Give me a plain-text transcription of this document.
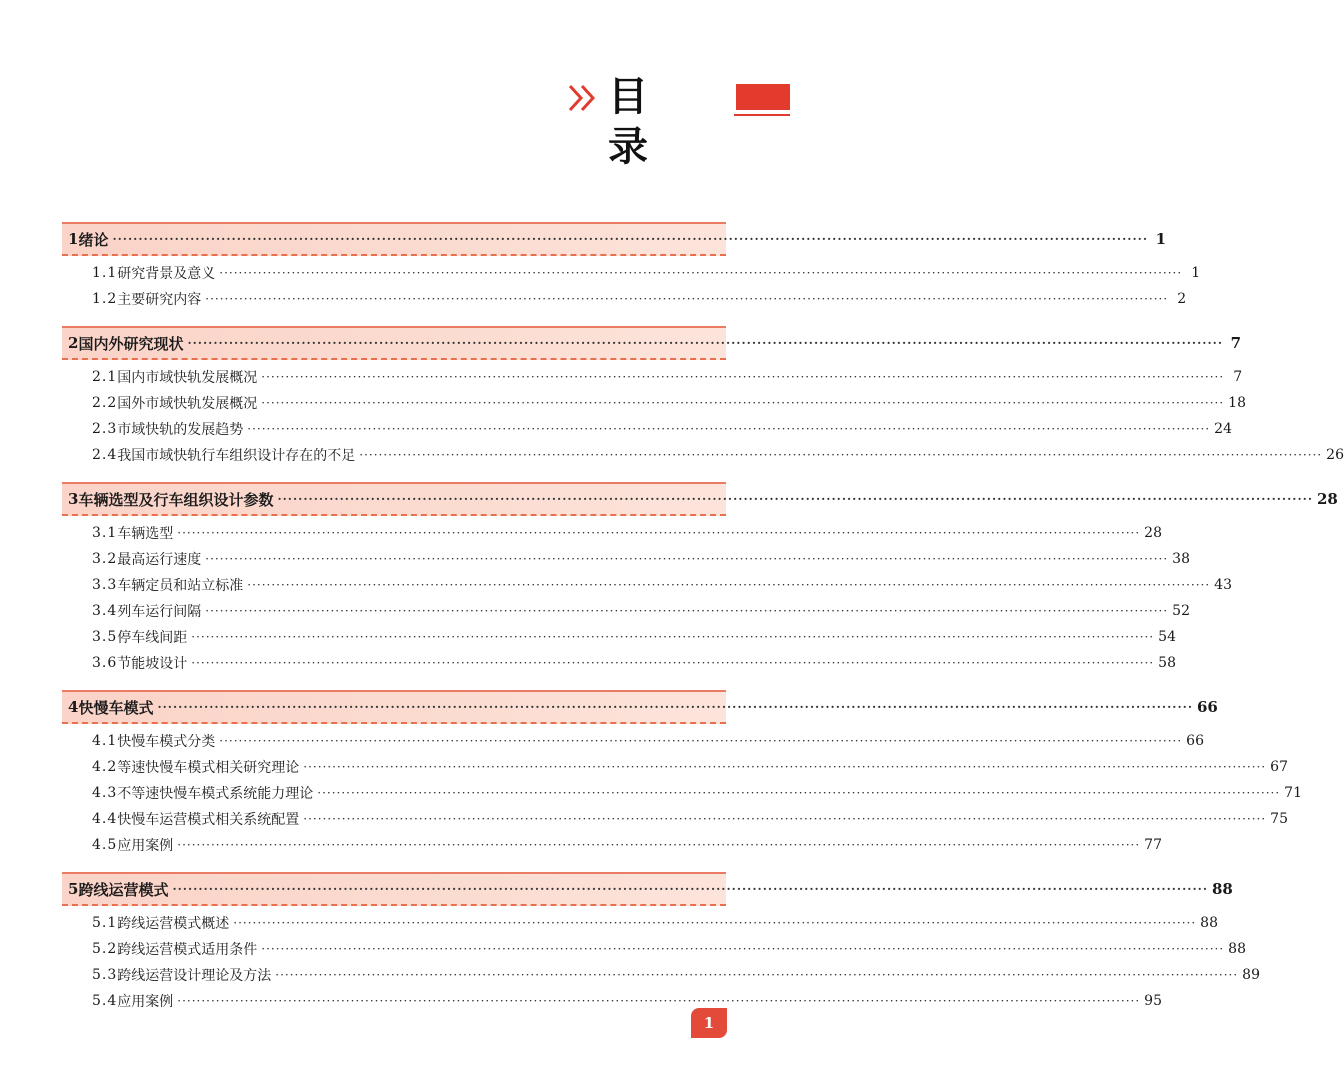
目 录
1 绪论 ········································································································································································································ 1
1.1 研究背景及意义 ········································································································································································································ 1
1.2 主要研究内容 ········································································································································································································ 2
2 国内外研究现状 ········································································································································································································ 7
2.1 国内市域快轨发展概况 ········································································································································································································ 7
2.2 国外市域快轨发展概况 ········································································································································································································ 18
2.3 市域快轨的发展趋势 ········································································································································································································ 24
2.4 我国市域快轨行车组织设计存在的不足 ········································································································································································································ 26
3 车辆选型及行车组织设计参数 ········································································································································································································ 28
3.1 车辆选型 ········································································································································································································ 28
3.2 最高运行速度 ········································································································································································································ 38
3.3 车辆定员和站立标准 ········································································································································································································ 43
3.4 列车运行间隔 ········································································································································································································ 52
3.5 停车线间距 ········································································································································································································ 54
3.6 节能坡设计 ········································································································································································································ 58
4 快慢车模式 ········································································································································································································ 66
4.1 快慢车模式分类 ········································································································································································································ 66
4.2 等速快慢车模式相关研究理论 ········································································································································································································ 67
4.3 不等速快慢车模式系统能力理论 ········································································································································································································ 71
4.4 快慢车运营模式相关系统配置 ········································································································································································································ 75
4.5 应用案例 ········································································································································································································ 77
5 跨线运营模式 ········································································································································································································ 88
5.1 跨线运营模式概述 ········································································································································································································ 88
5.2 跨线运营模式适用条件 ········································································································································································································ 88
5.3 跨线运营设计理论及方法 ········································································································································································································ 89
5.4 应用案例 ········································································································································································································ 95
1
